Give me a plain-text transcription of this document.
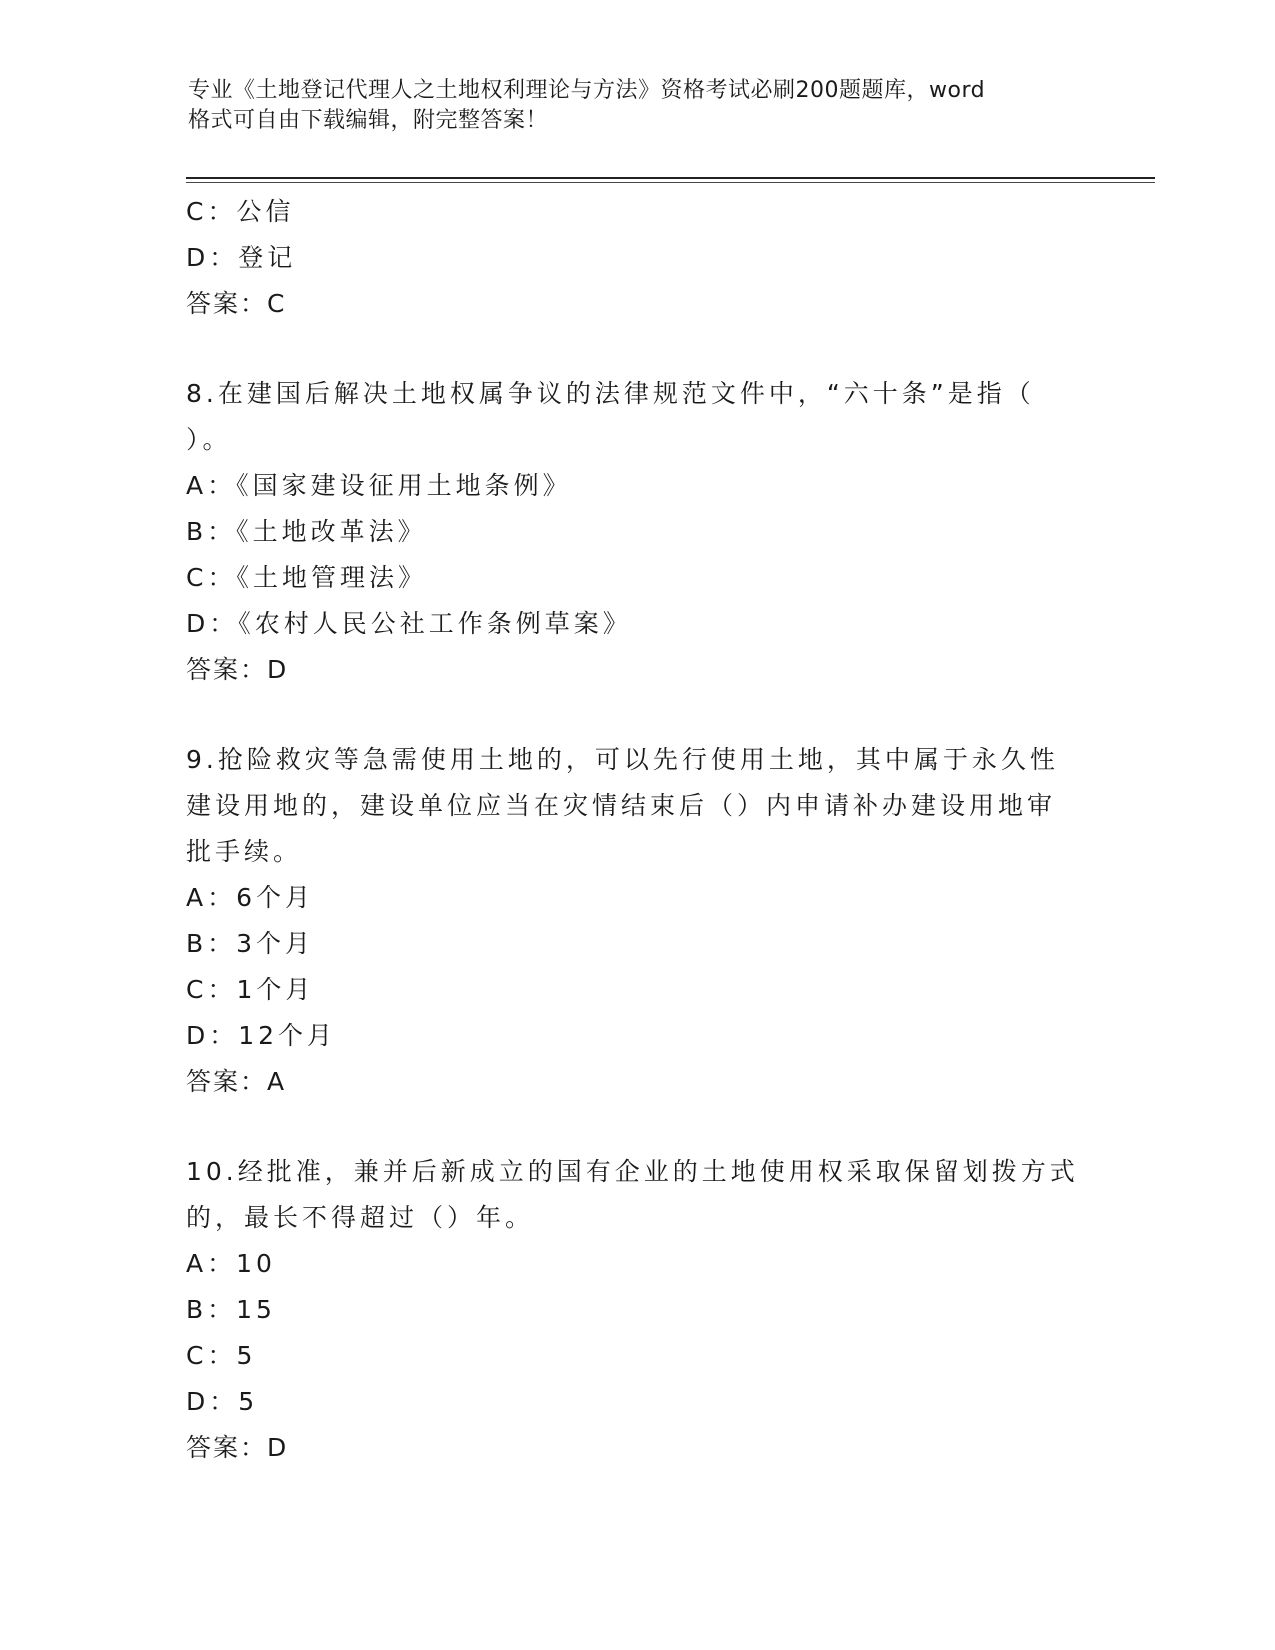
专业《土地登记代理人之土地权利理论与方法》资格考试必刷200题题库，word
格式可自由下载编辑，附完整答案！
C：公信
D：登记
答案：C
8.在建国后解决土地权属争议的法律规范文件中，“六十条”是指（
）。
A：《国家建设征用土地条例》
B：《土地改革法》
C：《土地管理法》
D：《农村人民公社工作条例草案》
答案：D
9.抢险救灾等急需使用土地的，可以先行使用土地，其中属于永久性
建设用地的，建设单位应当在灾情结束后（）内申请补办建设用地审
批手续。
A：6个月
B：3个月
C：1个月
D：12个月
答案：A
10.经批准，兼并后新成立的国有企业的土地使用权采取保留划拨方式
的，最长不得超过（）年。
A：10
B：15
C：5
D：5
答案：D
